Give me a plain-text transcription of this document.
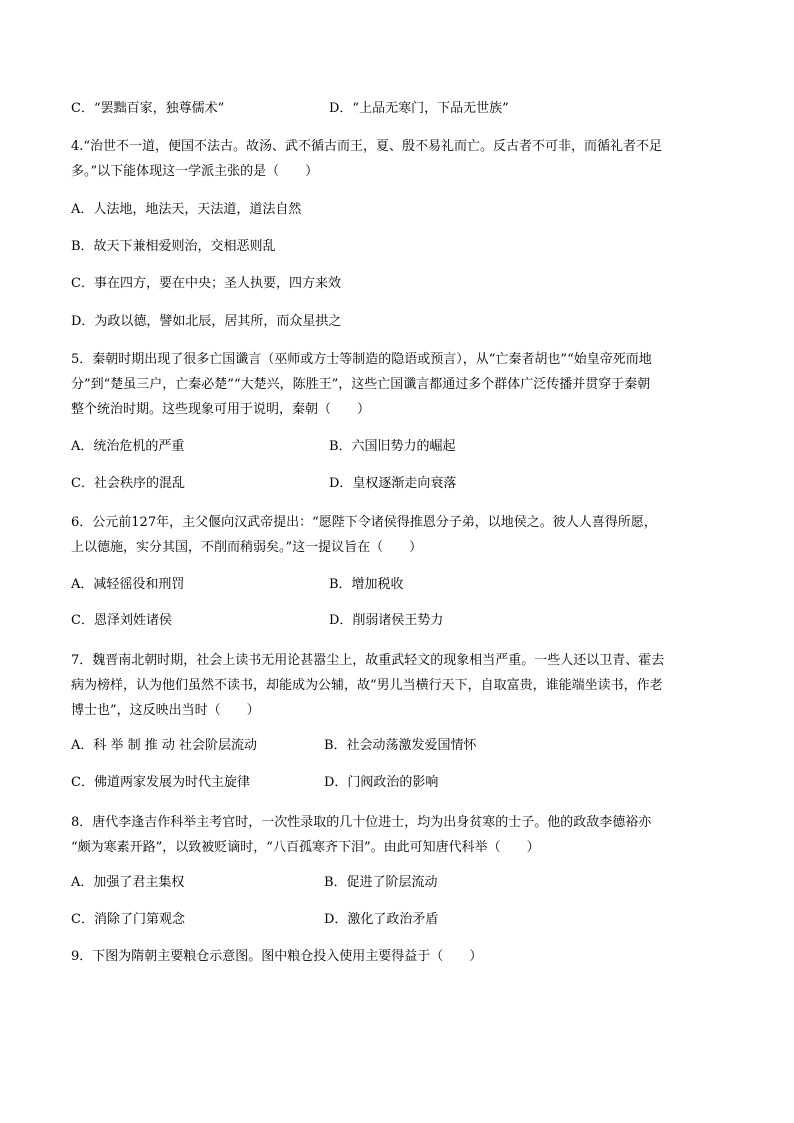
C．“罢黜百家，独尊儒术”	D．“上品无寒门，下品无世族”
4.“治世不一道，便国不法古。故汤、武不循古而王，夏、殷不易礼而亡。反古者不可非，而循礼者不足
多。”以下能体现这一学派主张的是（　　）
A．人法地，地法天，天法道，道法自然
B．故天下兼相爱则治，交相恶则乱
C．事在四方，要在中央；圣人执要，四方来效
D．为政以德，譬如北辰，居其所，而众星拱之
5．秦朝时期出现了很多亡国谶言（巫师或方士等制造的隐语或预言），从“亡秦者胡也”“始皇帝死而地
分”到“楚虽三户，亡秦必楚”“大楚兴，陈胜王”，这些亡国谶言都通过多个群体广泛传播并贯穿于秦朝
整个统治时期。这些现象可用于说明，秦朝（　　）
A．统治危机的严重	B．六国旧势力的崛起
C．社会秩序的混乱	D．皇权逐渐走向衰落
6．公元前127年，主父偃向汉武帝提出：“愿陛下令诸侯得推恩分子弟，以地侯之。彼人人喜得所愿，
上以德施，实分其国，不削而稍弱矣。”这一提议旨在（　　）
A．减轻徭役和刑罚	B．增加税收
C．恩泽刘姓诸侯	D．削弱诸侯王势力
7．魏晋南北朝时期，社会上读书无用论甚嚣尘上，故重武轻文的现象相当严重。一些人还以卫青、霍去
病为榜样，认为他们虽然不读书，却能成为公辅，故“男儿当横行天下，自取富贵，谁能端坐读书，作老
博士也”，这反映出当时（　　）
A．科 举 制 推 动 社会阶层流动	B．社会动荡激发爱国情怀
C．佛道两家发展为时代主旋律	D．门阀政治的影响
8．唐代李逢吉作科举主考官时，一次性录取的几十位进士，均为出身贫寒的士子。他的政敌李德裕亦
“颇为寒素开路”，以致被贬谪时，“八百孤寒齐下泪”。由此可知唐代科举（　　）
A．加强了君主集权	B．促进了阶层流动
C．消除了门第观念	D．激化了政治矛盾
9．下图为隋朝主要粮仓示意图。图中粮仓投入使用主要得益于（　　）
